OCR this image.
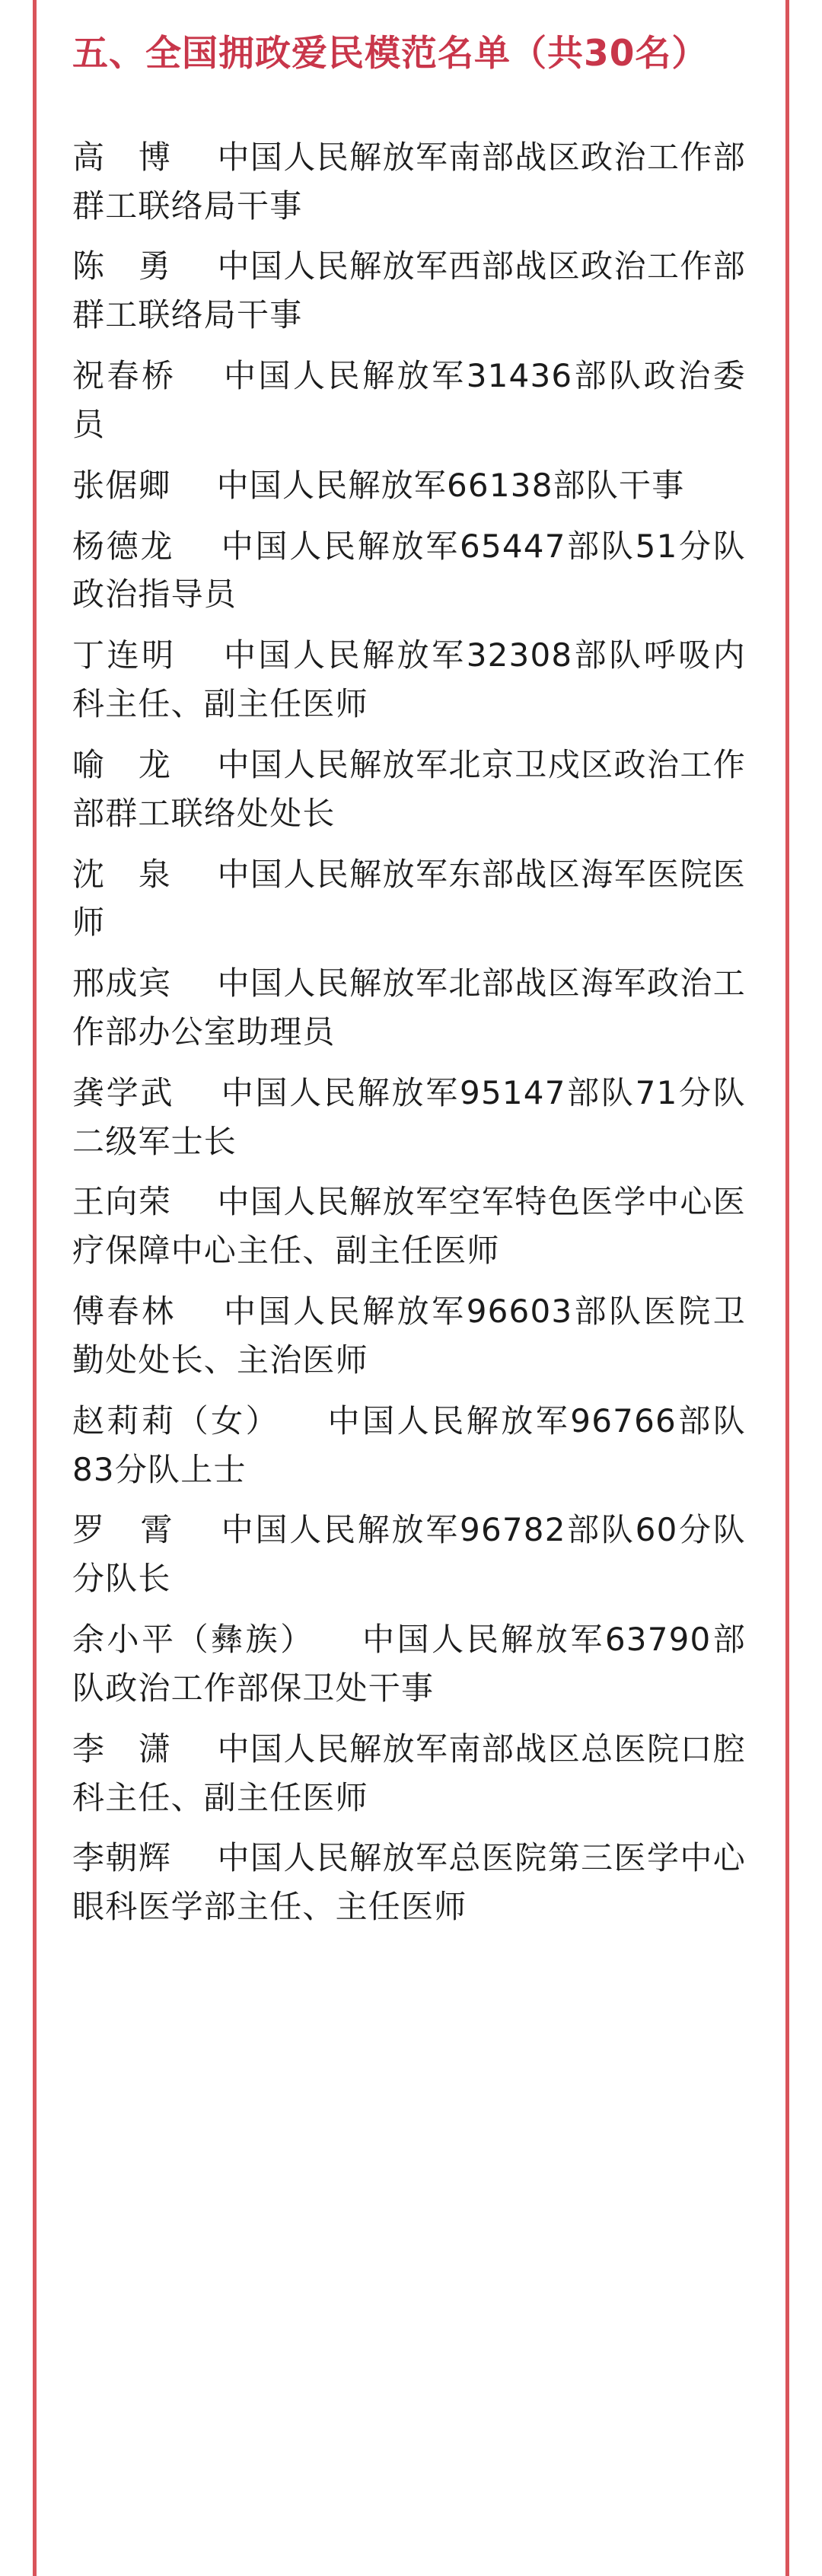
五、全国拥政爱民模范名单（共30名）

高　博 中国人民解放军南部战区政治工作部群工联络局干事

陈　勇 中国人民解放军西部战区政治工作部群工联络局干事

祝春桥 中国人民解放军31436部队政治委员

张倨卿 中国人民解放军66138部队干事

杨德龙 中国人民解放军65447部队51分队政治指导员

丁连明 中国人民解放军32308部队呼吸内科主任、副主任医师

喻　龙 中国人民解放军北京卫戍区政治工作部群工联络处处长

沈　泉 中国人民解放军东部战区海军医院医师

邢成宾 中国人民解放军北部战区海军政治工作部办公室助理员

龚学武 中国人民解放军95147部队71分队二级军士长

王向荣 中国人民解放军空军特色医学中心医疗保障中心主任、副主任医师

傅春林 中国人民解放军96603部队医院卫勤处处长、主治医师

赵莉莉（女） 中国人民解放军96766部队83分队上士

罗　霄 中国人民解放军96782部队60分队分队长

余小平（彝族） 中国人民解放军63790部队政治工作部保卫处干事

李　潇 中国人民解放军南部战区总医院口腔科主任、副主任医师

李朝辉 中国人民解放军总医院第三医学中心眼科医学部主任、主任医师
